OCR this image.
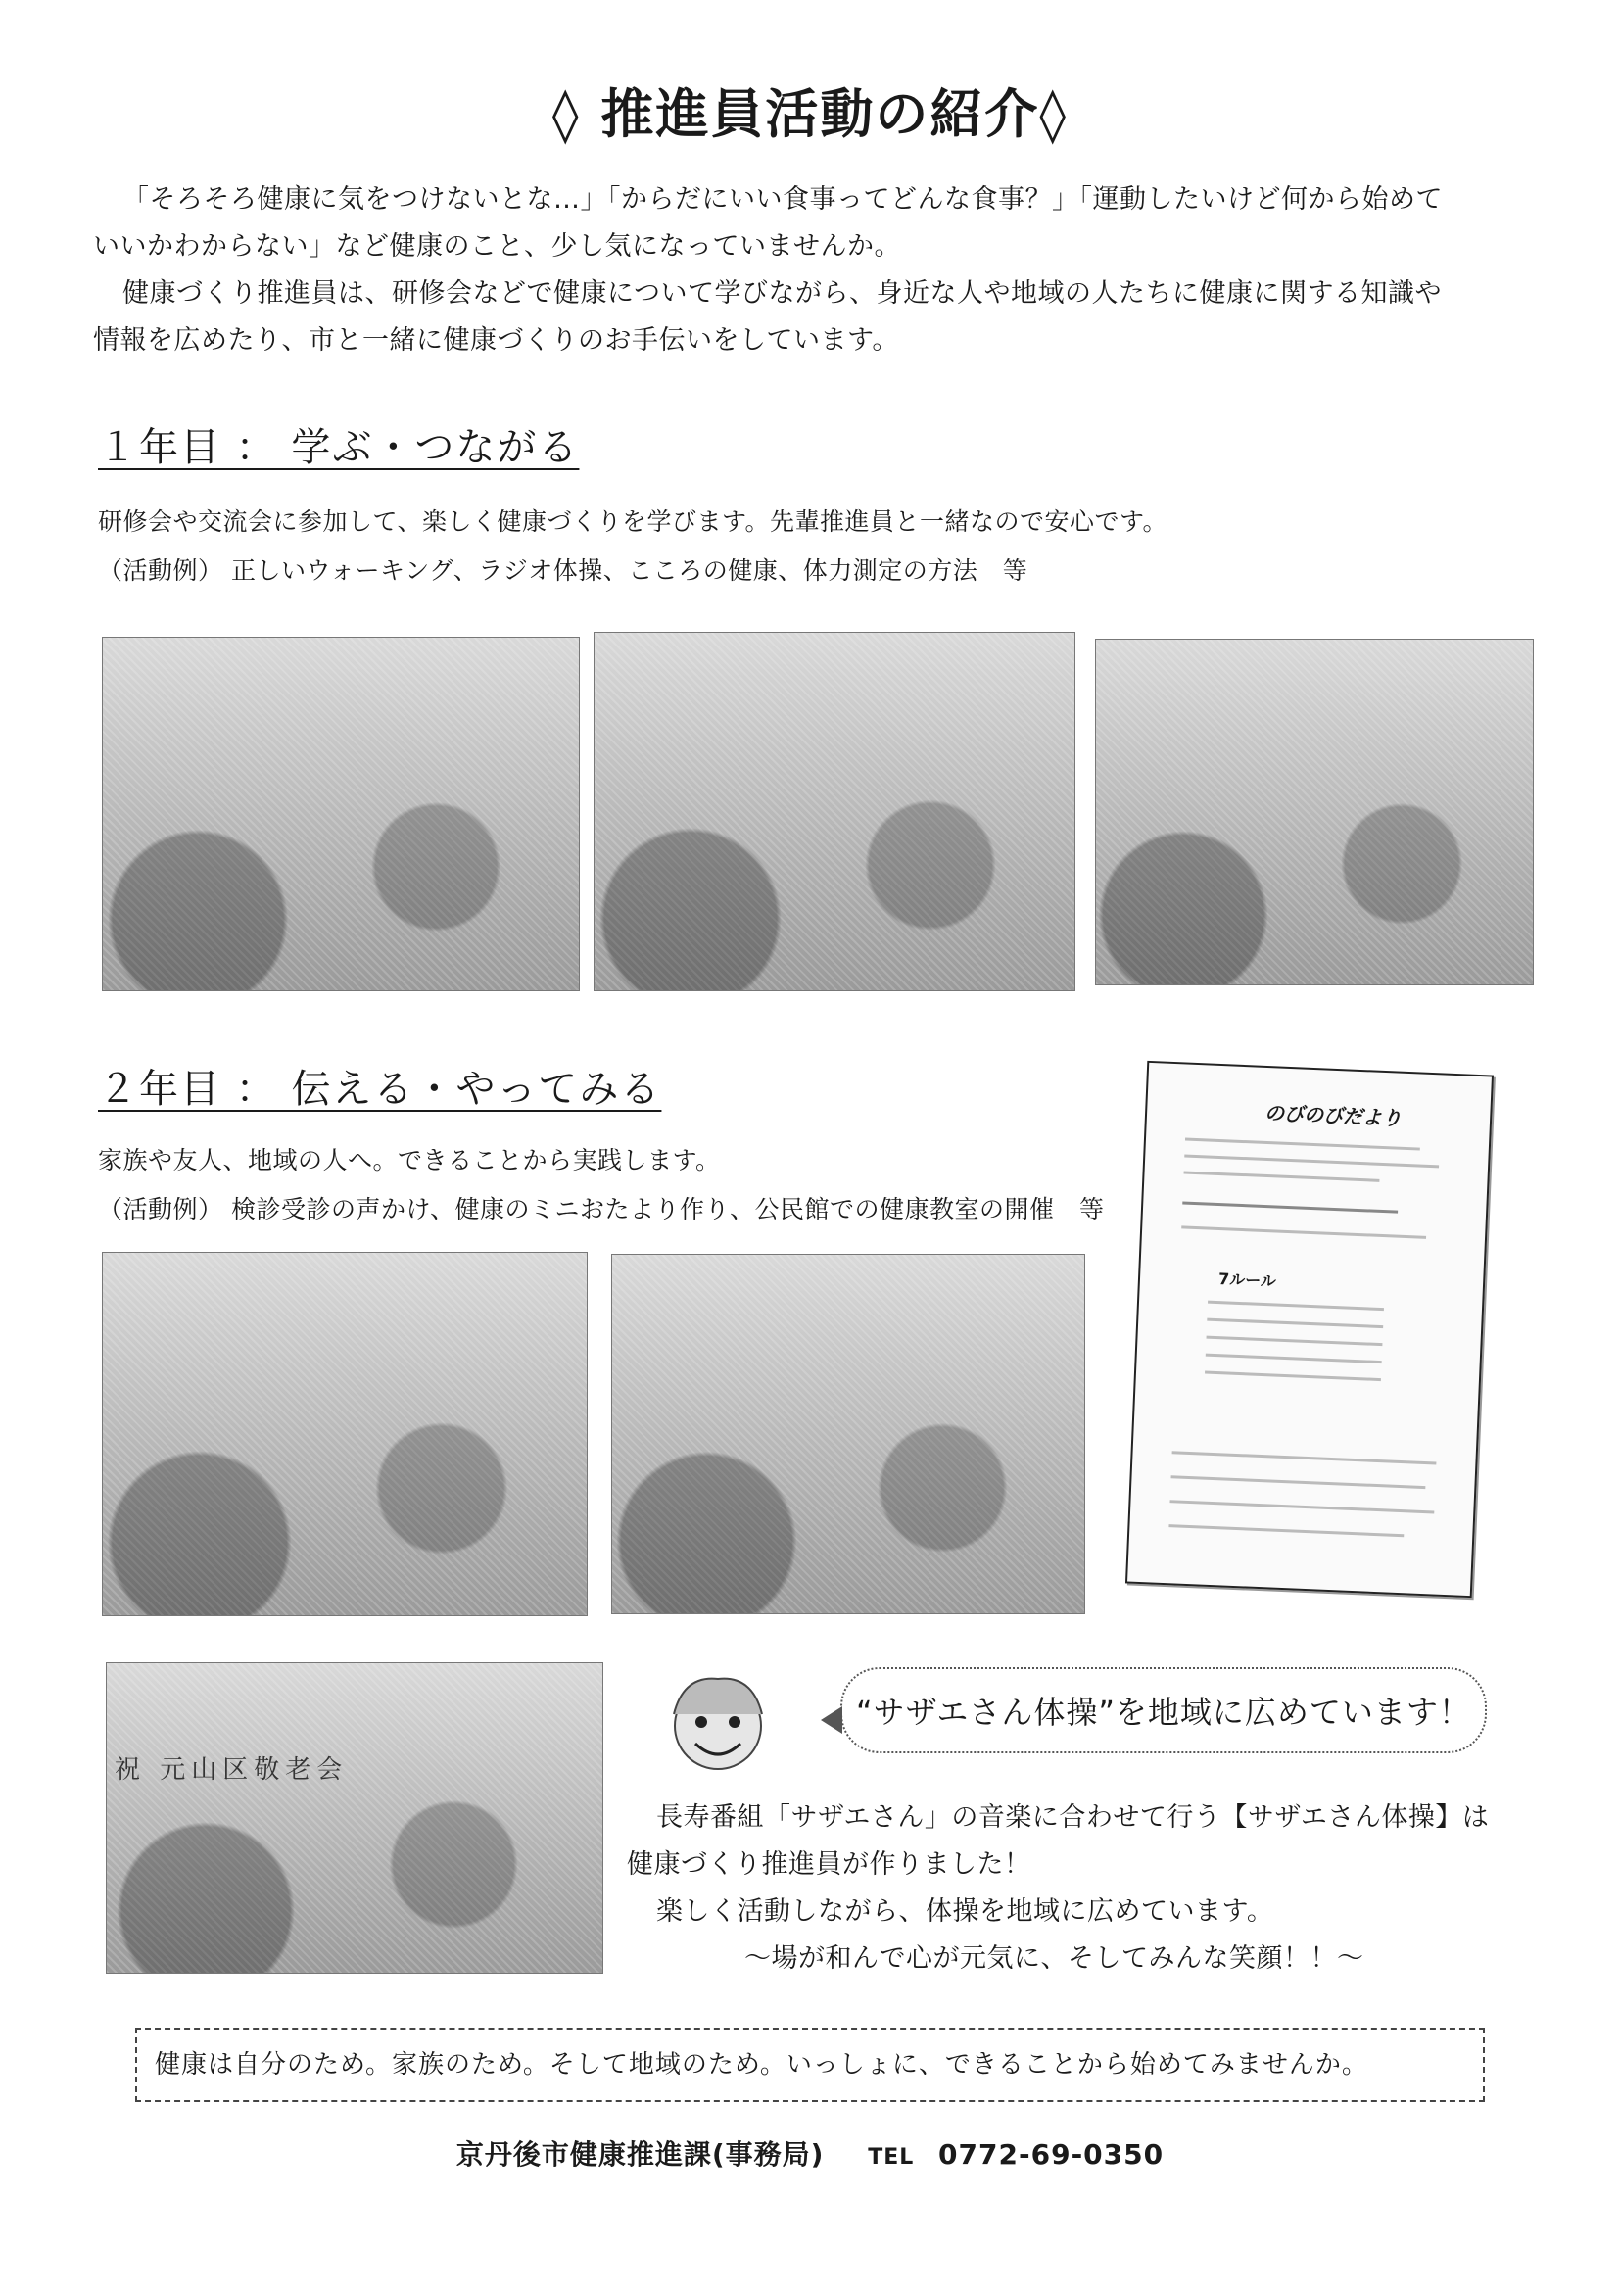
◊ 推進員活動の紹介◊
「そろそろ健康に気をつけないとな…」「からだにいい食事ってどんな食事？」「運動したいけど何から始めて
いいかわからない」など健康のこと、少し気になっていませんか。
健康づくり推進員は、研修会などで健康について学びながら、身近な人や地域の人たちに健康に関する知識や
情報を広めたり、市と一緒に健康づくりのお手伝いをしています。
１年目 ： 学ぶ・つながる
研修会や交流会に参加して、楽しく健康づくりを学びます。先輩推進員と一緒なので安心です。
（活動例） 正しいウォーキング、ラジオ体操、こころの健康、体力測定の方法　等
２年目 ： 伝える・やってみる
家族や友人、地域の人へ。できることから実践します。
（活動例） 検診受診の声かけ、健康のミニおたより作り、公民館での健康教室の開催　等
のびのびだより
7ルール
祝 元山区敬老会
“サザエさん体操”を地域に広めています！
長寿番組「サザエさん」の音楽に合わせて行う【サザエさん体操】は
健康づくり推進員が作りました！
楽しく活動しながら、体操を地域に広めています。
～場が和んで心が元気に、そしてみんな笑顔！！～
健康は自分のため。家族のため。そして地域のため。いっしょに、できることから始めてみませんか。
京丹後市健康推進課(事務局) TEL 0772-69-0350
